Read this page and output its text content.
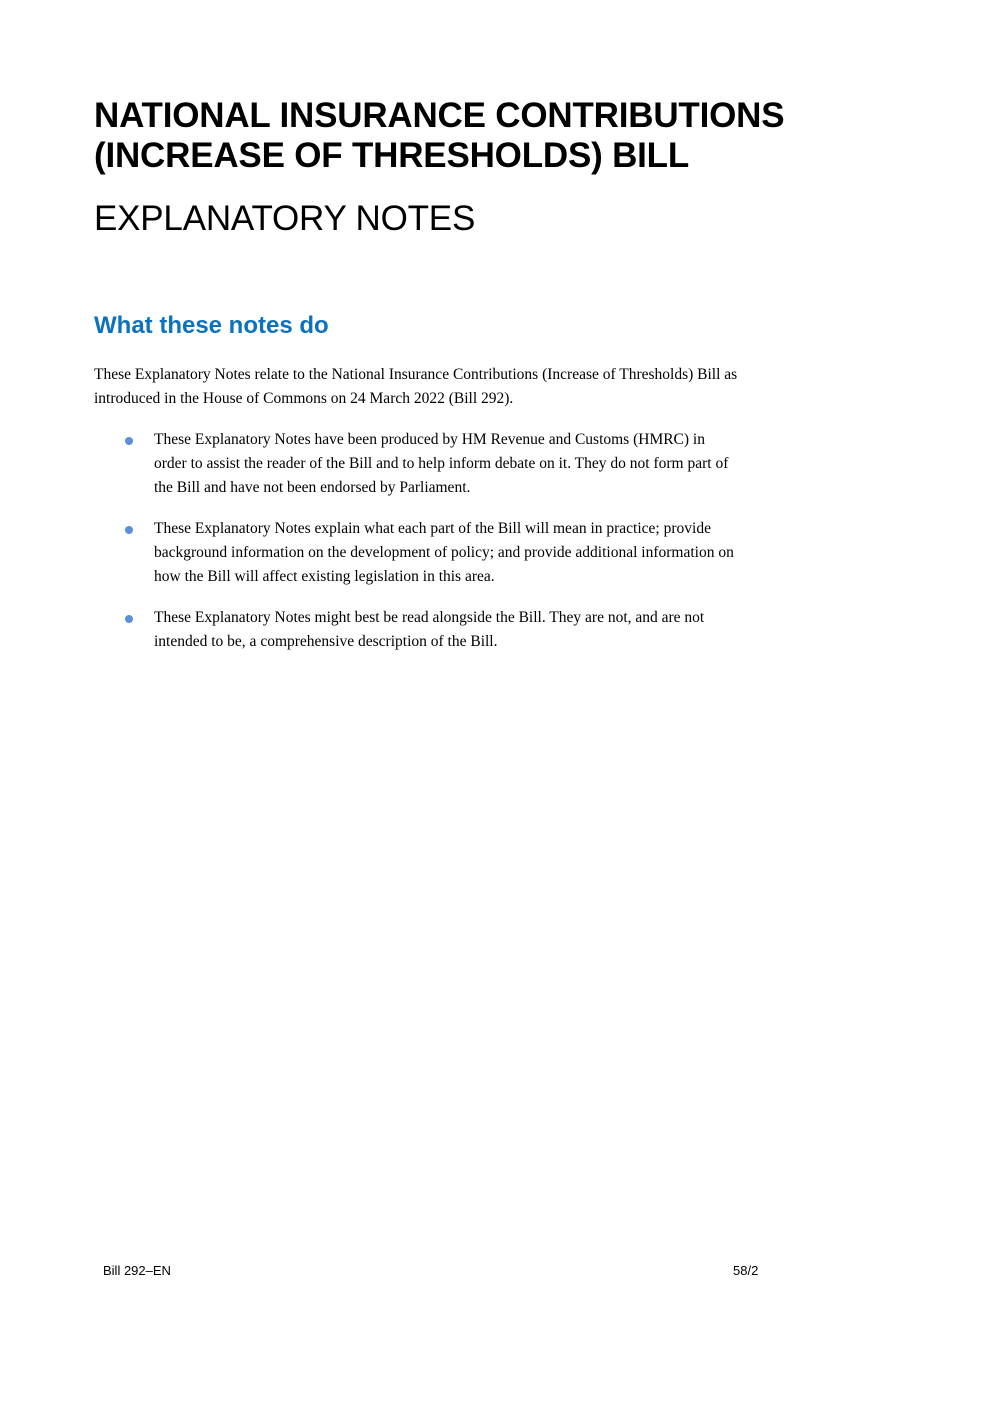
NATIONAL INSURANCE CONTRIBUTIONS
(INCREASE OF THRESHOLDS) BILL
EXPLANATORY NOTES
What these notes do

These Explanatory Notes relate to the National Insurance Contributions (Increase of Thresholds) Bill as
introduced in the House of Commons on 24 March 2022 (Bill 292).

These Explanatory Notes have been produced by HM Revenue and Customs (HMRC) in
order to assist the reader of the Bill and to help inform debate on it. They do not form part of
the Bill and have not been endorsed by Parliament.
These Explanatory Notes explain what each part of the Bill will mean in practice; provide
background information on the development of policy; and provide additional information on
how the Bill will affect existing legislation in this area.
These Explanatory Notes might best be read alongside the Bill. They are not, and are not
intended to be, a comprehensive description of the Bill.
Bill 292–EN	58/2
